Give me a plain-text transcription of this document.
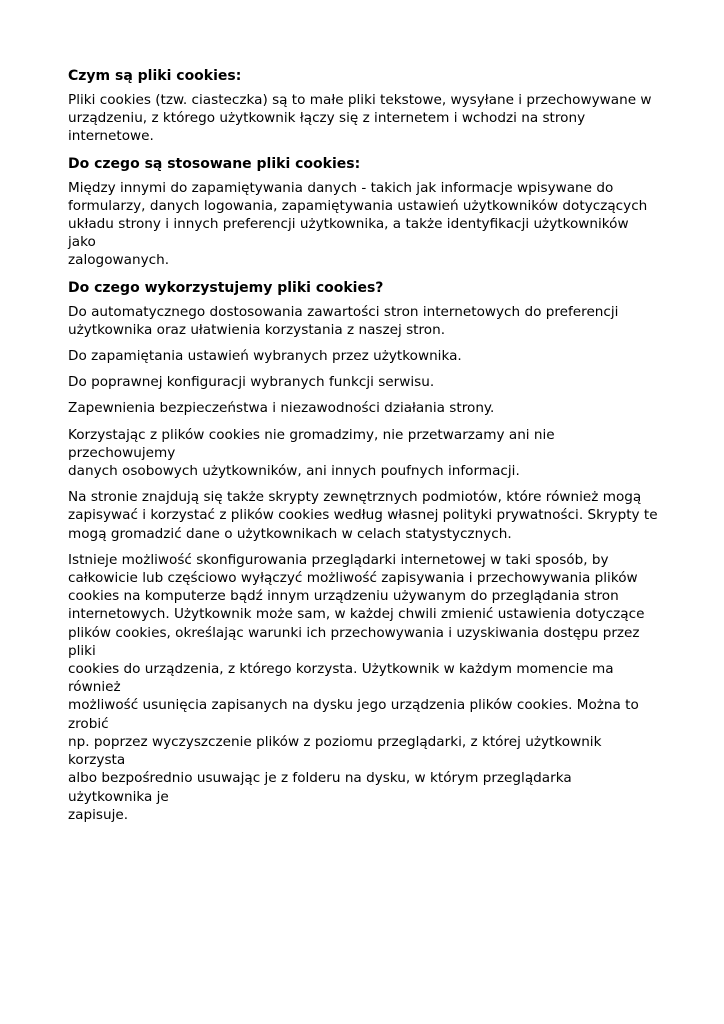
Czym są pliki cookies:

Pliki cookies (tzw. ciasteczka) są to małe pliki tekstowe, wysyłane i przechowywane w
urządzeniu, z którego użytkownik łączy się z internetem i wchodzi na strony internetowe.

Do czego są stosowane pliki cookies:

Między innymi do zapamiętywania danych - takich jak informacje wpisywane do
formularzy, danych logowania, zapamiętywania ustawień użytkowników dotyczących
układu strony i innych preferencji użytkownika, a także identyfikacji użytkowników jako
zalogowanych.

Do czego wykorzystujemy pliki cookies?

Do automatycznego dostosowania zawartości stron internetowych do preferencji
użytkownika oraz ułatwienia korzystania z naszej stron.

Do zapamiętania ustawień wybranych przez użytkownika.

Do poprawnej konfiguracji wybranych funkcji serwisu.

Zapewnienia bezpieczeństwa i niezawodności działania strony.

Korzystając z plików cookies nie gromadzimy, nie przetwarzamy ani nie przechowujemy
danych osobowych użytkowników, ani innych poufnych informacji.

Na stronie znajdują się także skrypty zewnętrznych podmiotów, które również mogą
zapisywać i korzystać z plików cookies według własnej polityki prywatności. Skrypty te
mogą gromadzić dane o użytkownikach w celach statystycznych.

Istnieje możliwość skonfigurowania przeglądarki internetowej w taki sposób, by
całkowicie lub częściowo wyłączyć możliwość zapisywania i przechowywania plików
cookies na komputerze bądź innym urządzeniu używanym do przeglądania stron
internetowych. Użytkownik może sam, w każdej chwili zmienić ustawienia dotyczące
plików cookies, określając warunki ich przechowywania i uzyskiwania dostępu przez pliki
cookies do urządzenia, z którego korzysta. Użytkownik w każdym momencie ma również
możliwość usunięcia zapisanych na dysku jego urządzenia plików cookies. Można to zrobić
np. poprzez wyczyszczenie plików z poziomu przeglądarki, z której użytkownik korzysta
albo bezpośrednio usuwając je z folderu na dysku, w którym przeglądarka użytkownika je
zapisuje.
